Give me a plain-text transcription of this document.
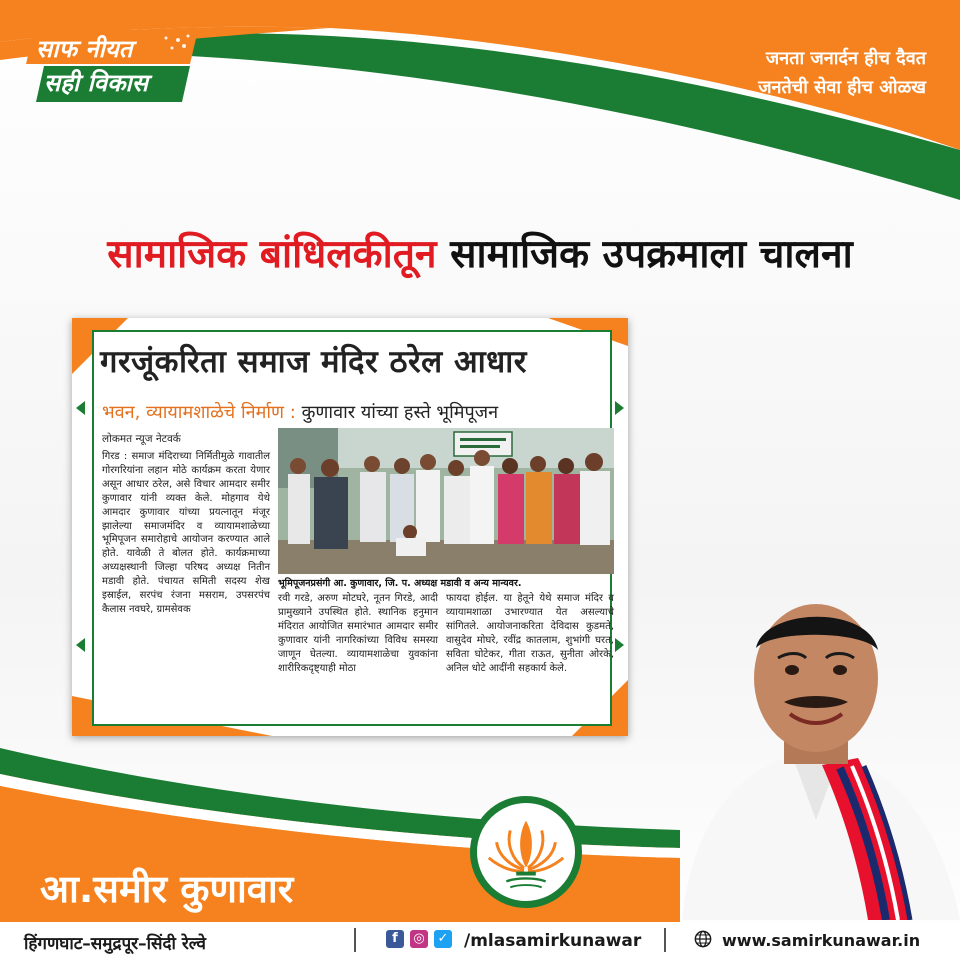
साफ नीयत
सही विकास
जनता जनार्दन हीच दैवत
जनतेची सेवा हीच ओळख
सामाजिक बांधिलकीतून सामाजिक उपक्रमाला चालना
गरजूंकरिता समाज मंदिर ठरेल आधार
भवन, व्यायामशाळेचे निर्माण : कुणावार यांच्या हस्ते भूमिपूजन
लोकमत न्यूज नेटवर्क
भूमिपूजनप्रसंगी आ. कुणावार, जि. प. अध्यक्ष मडावी व अन्य मान्यवर.
गिरड : समाज मंदिराच्या निर्मितीमुळे गावातील गोरगरियांना लहान मोठे कार्यक्रम करता येणार असून आधार ठरेल, असे विचार आमदार समीर कुणावार यांनी व्यक्त केले. मोहगाव येथे आमदार कुणावार यांच्या प्रयत्नातून मंजूर झालेल्या समाजमंदिर व व्यायामशाळेच्या भूमिपूजन समारोहाचे आयोजन करण्यात आले होते. यावेळी ते बोलत होते. कार्यक्रमाच्या अध्यक्षस्थानी जिल्हा परिषद अध्यक्ष नितीन मडावी होते. पंचायत समिती सदस्य शेख इस्राईल, सरपंच रंजना मसराम, उपसरपंच कैलास नवघरे, ग्रामसेवक
रवी गरडे, अरुण मोटघरे, नूतन गिरडे, आदी प्रामुख्याने उपस्थित होते. स्थानिक हनुमान मंदिरात आयोजित समारंभात आमदार समीर कुणावार यांनी नागरिकांच्या विविध समस्या जाणून घेतल्या. व्यायामशाळेचा युवकांना शारीरिकदृष्ट्याही मोठा
फायदा होईल. या हेतूने येथे समाज मंदिर व व्यायामशाळा उभारण्यात येत असल्याचे सांगितले. आयोजनाकरिता देविदास कुडमते, वासुदेव मोघरे, रवींद्र कातलाम, शुभांगी घरत, सविता घोटेकर, गीता राऊत, सुनीता ओरके, अनिल धोटे आदींनी सहकार्य केले.
आ.समीर कुणावार
हिंगणघाट–समुद्रपूर–सिंदी रेल्वे	f	◎ ✓ /mlasamirkunawar	www.samirkunawar.in
